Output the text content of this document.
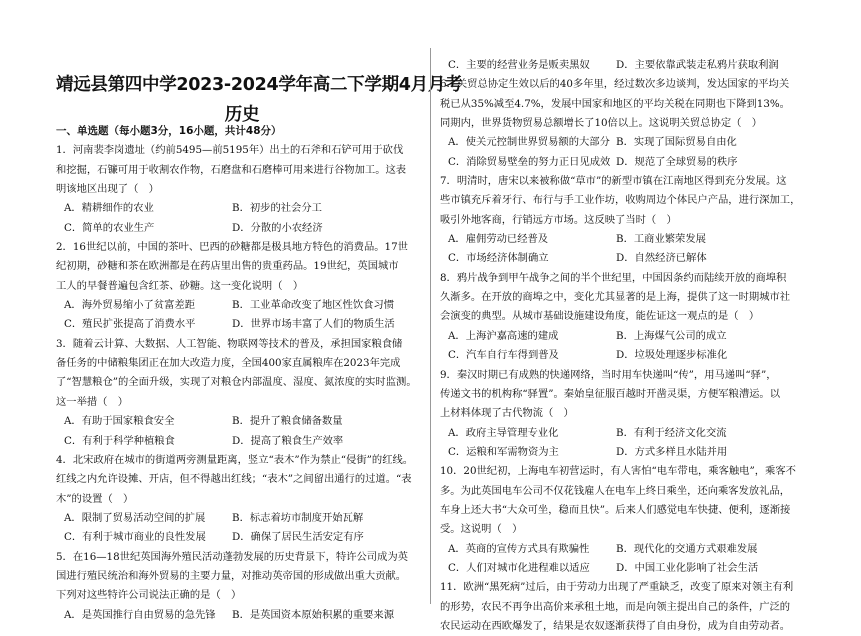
靖远县第四中学2023-2024学年高二下学期4月月考
历史
一、单选题（每小题3分，16小题，共计48分）
1．河南裴李岗遗址（约前5495—前5195年）出土的石斧和石铲可用于砍伐
和挖掘，石镰可用于收割农作物，石磨盘和石磨棒可用来进行谷物加工。这表
明该地区出现了（　）
A．精耕细作的农业	B．初步的社会分工
C．简单的农业生产	D．分散的小农经济
2．16世纪以前，中国的茶叶、巴西的砂糖都是极具地方特色的消费品。17世
纪初期，砂糖和茶在欧洲都是在药店里出售的贵重药品。19世纪，英国城市
工人的早餐普遍包含红茶、砂糖。这一变化说明（　）
A．海外贸易缩小了贫富差距	B．工业革命改变了地区性饮食习惯
C．殖民扩张提高了消费水平	D．世界市场丰富了人们的物质生活
3．随着云计算、大数据、人工智能、物联网等技术的普及，承担国家粮食储
备任务的中储粮集团正在加大改造力度，全国400家直属粮库在2023年完成
了“智慧粮仓”的全面升级，实现了对粮仓内部温度、湿度、氮浓度的实时监测。
这一举措（　）
A．有助于国家粮食安全	B．提升了粮食储备数量
C．有利于科学种植粮食	D．提高了粮食生产效率
4．北宋政府在城市的街道两旁测量距离，竖立“表木”作为禁止“侵街”的红线。
红线之内允许设摊、开店，但不得越出红线；“表木”之间留出通行的过道。“表
木”的设置（　）
A．限制了贸易活动空间的扩展	B．标志着坊市制度开始瓦解
C．有利于城市商业的良性发展	D．确保了居民生活安定有序
5．在16—18世纪英国海外殖民活动蓬勃发展的历史背景下，特许公司成为英
国进行殖民统治和海外贸易的主要力量，对推动英帝国的形成做出重大贡献。
下列对这些特许公司说法正确的是（　）
A．是英国推行自由贸易的急先锋	B．是英国资本原始积累的重要来源
C．主要的经营业务是贩卖黑奴	D．主要依靠武装走私鸦片获取利润
6．关贸总协定生效以后的40多年里，经过数次多边谈判，发达国家的平均关
税已从35%减至4.7%，发展中国家和地区的平均关税在同期也下降到13%。
同期内，世界货物贸易总额增长了10倍以上。这说明关贸总协定（　）
A．使关元控制世界贸易额的大部分 B．实现了国际贸易自由化
C．消除贸易壁垒的努力正日见成效 D．规范了全球贸易的秩序
7．明清时，唐宋以来被称做“草市”的新型市镇在江南地区得到充分发展。这
些市镇充斥着牙行、布行与手工业作坊，收购周边个体民户产品，进行深加工，
吸引外地客商，行销远方市场。这反映了当时（　）
A．雇佣劳动已经普及	B．工商业繁荣发展
C．市场经济体制确立	D．自然经济已解体
8．鸦片战争到甲午战争之间的半个世纪里，中国因条约而陆续开放的商埠积
久渐多。在开放的商埠之中，变化尤其显著的是上海，提供了这一时期城市社
会演变的典型。从城市基础设施建设角度，能佐证这一观点的是（　）
A．上海沪嘉高速的建成	B．上海煤气公司的成立
C．汽车自行车得到普及	D．垃圾处理逐步标准化
9．秦汉时期已有成熟的快递网络，当时用车快递叫“传”，用马递叫“驿”，
传递文书的机构称“驿置”。秦始皇征服百越时开凿灵渠，方便军粮漕运。以
上材料体现了古代物流（　）
A．政府主导管理专业化	B．有利于经济文化交流
C．运粮和军需物资为主	D．方式多样且水陆并用
10．20世纪初，上海电车初营运时，有人害怕“电车带电，乘客触电”，乘客不
多。为此英国电车公司不仅花钱雇人在电车上终日乘坐，还向乘客发放礼品，
车身上还大书“大众可坐，稳而且快”。后来人们感觉电车快捷、便利，逐渐接
受。这说明（　）
A．英商的宣传方式具有欺骗性	B．现代化的交通方式艰难发展
C．人们对城市化进程难以适应	D．中国工业化影响了社会生活
11．欧洲“黑死病”过后，由于劳动力出现了严重缺乏，改变了原来对领主有利
的形势，农民不再争出高价来承租土地，而是向领主提出自己的条件，广泛的
农民运动在西欧爆发了，结果是农奴逐渐获得了自由身份，成为自由劳动者。
